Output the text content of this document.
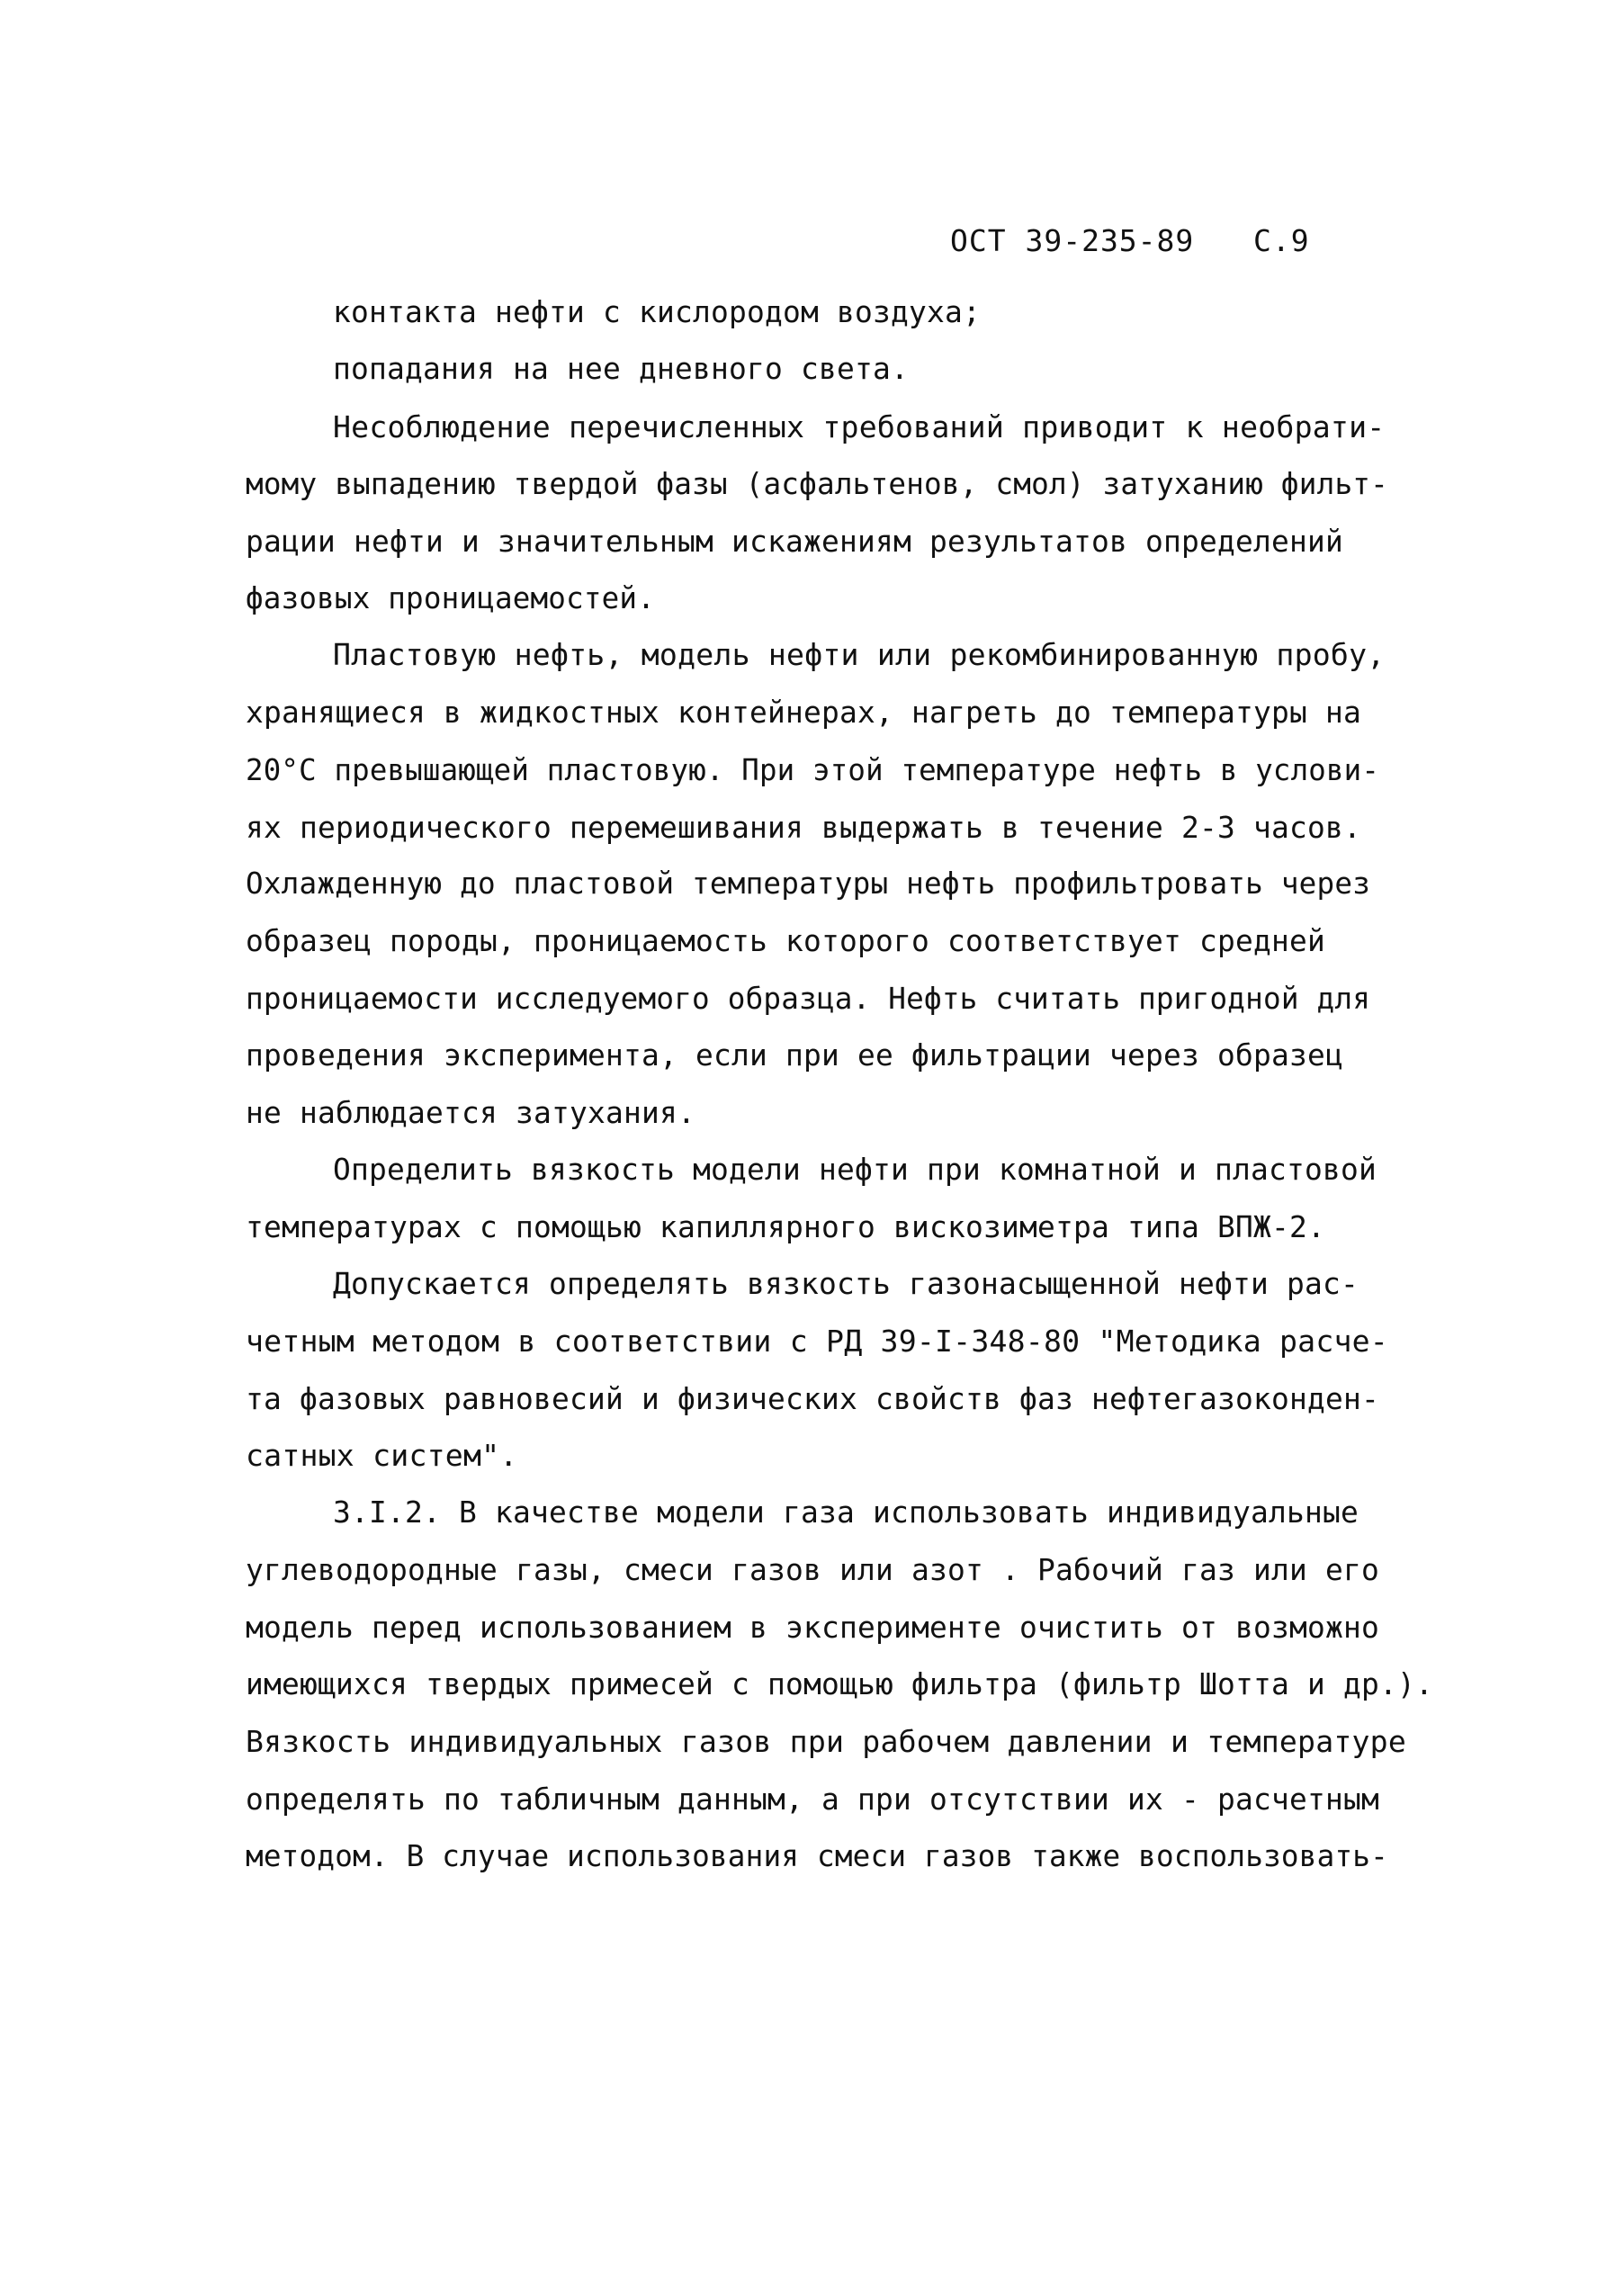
ОСТ 39-235-89 С.9
контакта нефти с кислородом воздуха;
попадания на нее дневного света.
Несоблюдение перечисленных требований приводит к необрати-
мому выпадению твердой фазы (асфальтенов, смол) затуханию фильт-
рации нефти и значительным искажениям результатов определений
фазовых проницаемостей.
Пластовую нефть, модель нефти или рекомбинированную пробу,
хранящиеся в жидкостных контейнерах, нагреть до температуры на
20°С превышающей пластовую. При этой температуре нефть в услови-
ях периодического перемешивания выдержать в течение 2-3 часов.
Охлажденную до пластовой температуры нефть профильтровать через
образец породы, проницаемость которого соответствует средней
проницаемости исследуемого образца. Нефть считать пригодной для
проведения эксперимента, если при ее фильтрации через образец
не наблюдается затухания.
Определить вязкость модели нефти при комнатной и пластовой
температурах с помощью капиллярного вискозиметра типа ВПЖ-2.
Допускается определять вязкость газонасыщенной нефти рас-
четным методом в соответствии с РД 39-I-348-80 "Методика расче-
та фазовых равновесий и физических свойств фаз нефтегазоконден-
сатных систем".
3.I.2. В качестве модели газа использовать индивидуальные
углеводородные газы, смеси газов или азот . Рабочий газ или его
модель перед использованием в эксперименте очистить от возможно
имеющихся твердых примесей с помощью фильтра (фильтр Шотта и др.).
Вязкость индивидуальных газов при рабочем давлении и температуре
определять по табличным данным, а при отсутствии их - расчетным
методом. В случае использования смеси газов также воспользовать-
